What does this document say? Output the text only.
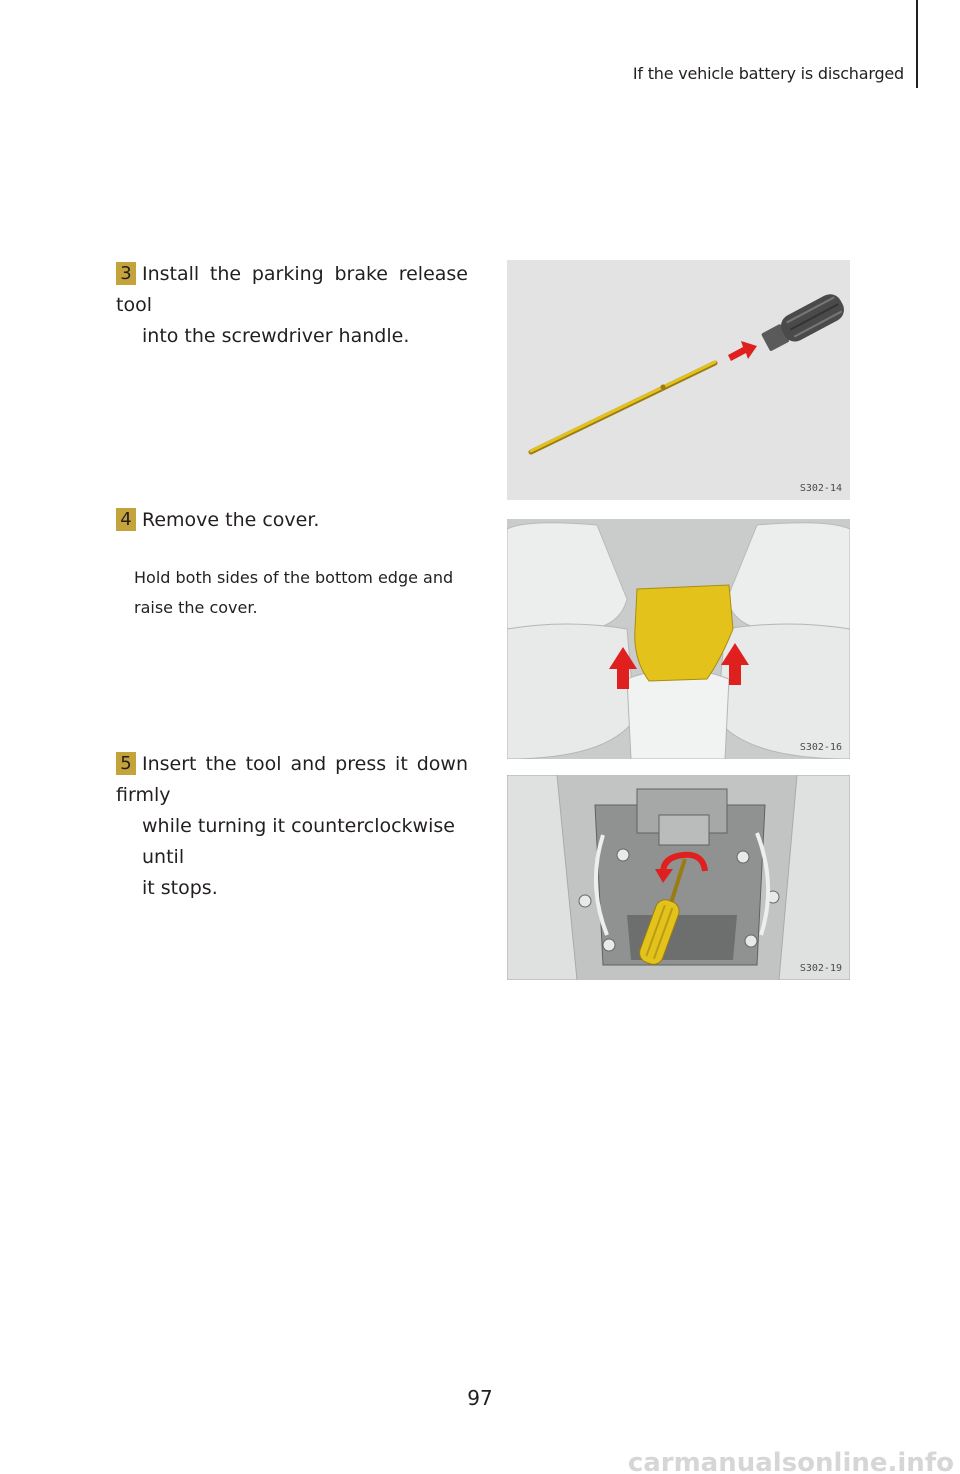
If the vehicle battery is discharged
3 Install the parking brake release tool
into the screwdriver handle.
S302-14
4 Remove the cover.
Hold both sides of the bottom edge and
raise the cover.
S302-16
5 Insert the tool and press it down firmly
while turning it counterclockwise until
it stops.
S302-19
97
carmanualsonline.info
